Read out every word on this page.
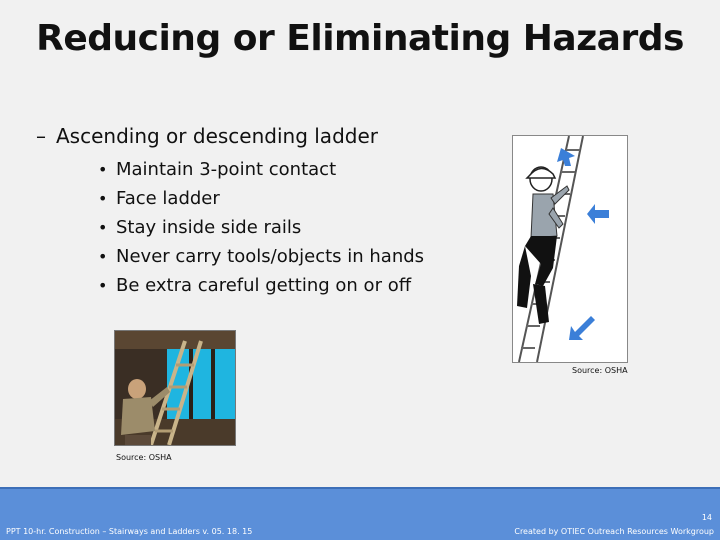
Reducing or Eliminating Hazards
– Ascending or descending ladder
• Maintain 3-point contact
• Face ladder
• Stay inside side rails
• Never carry tools/objects in hands
• Be extra careful getting on or off
Source: OSHA
Source: OSHA
PPT 10-hr. Construction – Stairways and Ladders v. 05. 18. 15
14
Created by OTIEC Outreach Resources Workgroup
